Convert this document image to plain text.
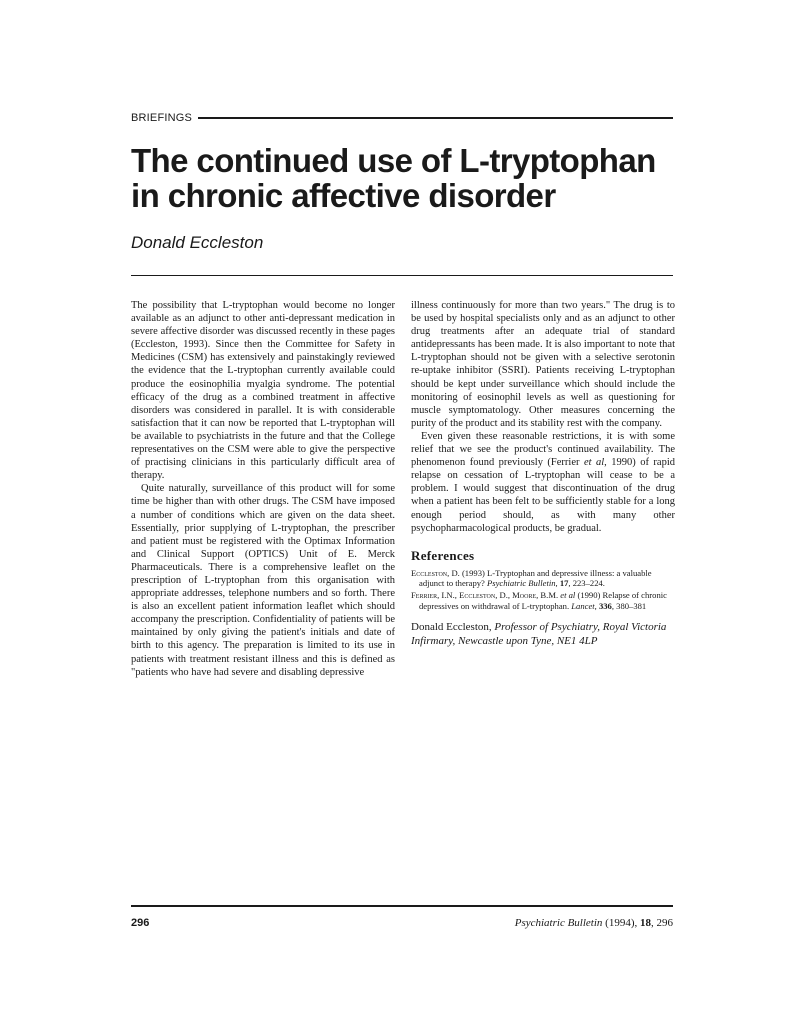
BRIEFINGS
The continued use of L-tryptophan in chronic affective disorder
Donald Eccleston

The possibility that L-tryptophan would become no longer available as an adjunct to other anti-depressant medication in severe affective disorder was discussed recently in these pages (Eccleston, 1993). Since then the Committee for Safety in Medicines (CSM) has extensively and painstakingly reviewed the evidence that the L-tryptophan currently available could produce the eosinophilia myalgia syndrome. The potential efficacy of the drug as a combined treatment in affective disorders was considered in parallel. It is with considerable satisfaction that it can now be reported that L-tryptophan will be available to psychiatrists in the future and that the College representatives on the CSM were able to give the perspective of practising clinicians in this particularly difficult area of therapy.

Quite naturally, surveillance of this product will for some time be higher than with other drugs. The CSM have imposed a number of conditions which are given on the data sheet. Essentially, prior supplying of L-tryptophan, the prescriber and patient must be registered with the Optimax Information and Clinical Support (OPTICS) Unit of E. Merck Pharmaceuticals. There is a comprehensive leaflet on the prescription of L-tryptophan from this organisation with appropriate addresses, telephone numbers and so forth. There is also an excellent patient information leaflet which should accompany the prescription. Confidentiality of patients will be maintained by only giving the patient's initials and date of birth to this agency. The preparation is limited to its use in patients with treatment resistant illness and this is defined as "patients who have had severe and disabling depressive

illness continuously for more than two years." The drug is to be used by hospital specialists only and as an adjunct to other drug treatments after an adequate trial of standard antidepressants has been made. It is also important to note that L-tryptophan should not be given with a selective serotonin re-uptake inhibitor (SSRI). Patients receiving L-tryptophan should be kept under surveillance which should include the monitoring of eosinophil levels as well as questioning for muscle symptomatology. Other measures concerning the purity of the product and its stability rest with the company.

Even given these reasonable restrictions, it is with some relief that we see the product's continued availability. The phenomenon found previously (Ferrier et al, 1990) of rapid relapse on cessation of L-tryptophan will cease to be a problem. I would suggest that discontinuation of the drug when a patient has been felt to be sufficiently stable for a long enough period should, as with many other psychopharmacological products, be gradual.

References

Eccleston, D. (1993) L-Tryptophan and depressive illness: a valuable adjunct to therapy? Psychiatric Bulletin, 17, 223–224.

Ferrier, I.N., Eccleston, D., Moore, B.M. et al (1990) Relapse of chronic depressives on withdrawal of L-tryptophan. Lancet, 336, 380–381

Donald Eccleston, Professor of Psychiatry, Royal Victoria Infirmary, Newcastle upon Tyne, NE1 4LP

296	Psychiatric Bulletin (1994), 18, 296
